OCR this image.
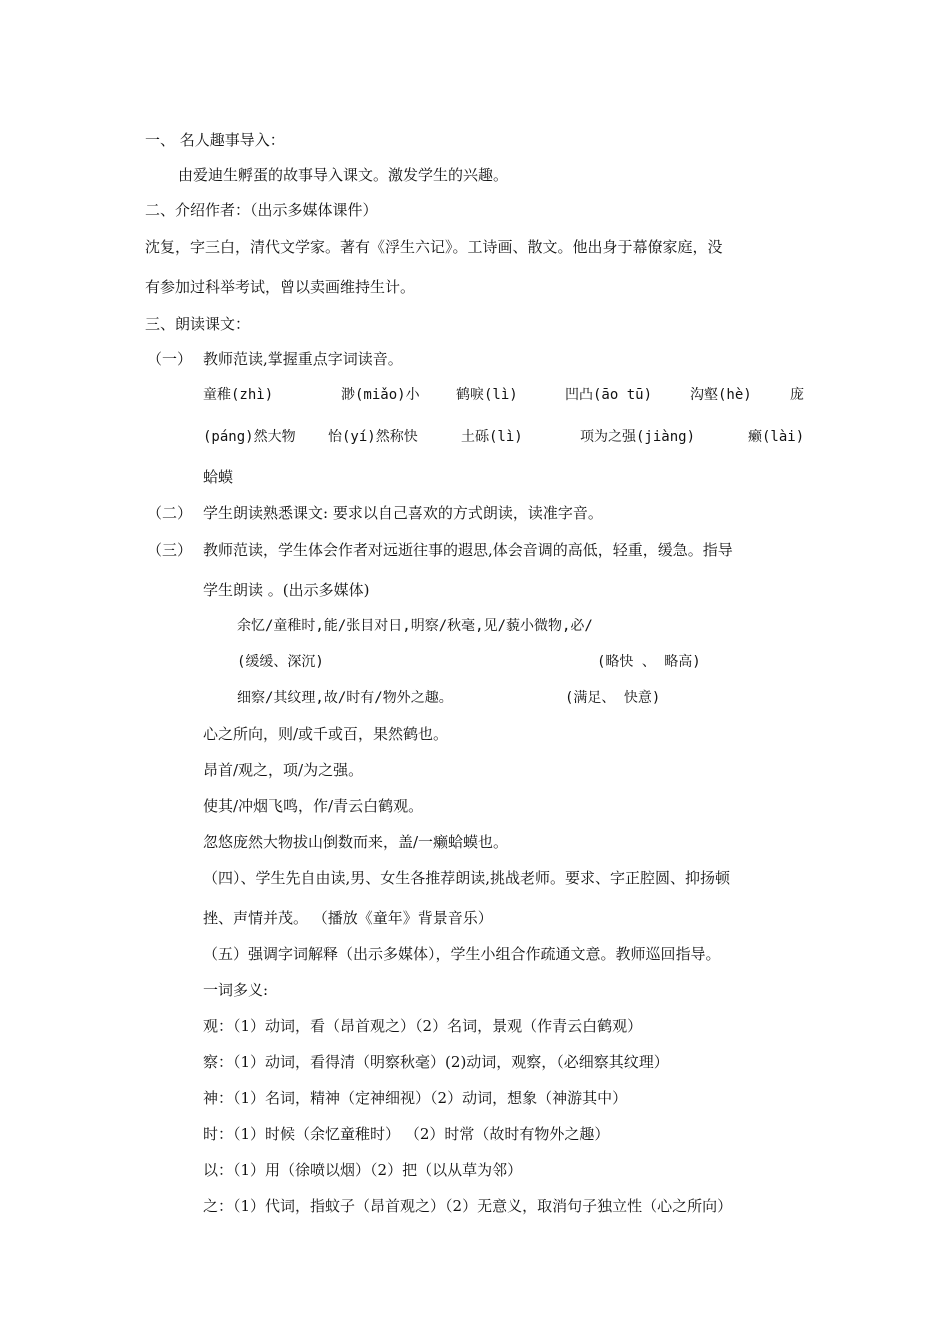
一、 名人趣事导入：
由爱迪生孵蛋的故事导入课文。激发学生的兴趣。
二、介绍作者：（出示多媒体课件）
沈复，字三白，清代文学家。著有《浮生六记》。工诗画、散文。他出身于幕僚家庭，没
有参加过科举考试，曾以卖画维持生计。
三、朗读课文：
（一） 教师范读,掌握重点字词读音。
童稚(zhì)	渺(miǎo)小	鹤唳(lì)	凹凸(āo tū)	沟壑(hè)	庞
(páng)然大物 怡(yí)然称快	土砾(lì)	项为之强(jiàng)	癞(lài)
蛤蟆
（二） 学生朗读熟悉课文: 要求以自己喜欢的方式朗读，读准字音。
（三） 教师范读，学生体会作者对远逝往事的遐思,体会音调的高低，轻重，缓急。指导
学生朗读 。(出示多媒体)
余忆/童稚时,能/张目对日,明察/秋毫,见/藐小微物,必/
(缓缓、深沉)	(略快 、 略高)
细察/其纹理,故/时有/物外之趣。	(满足、 快意)
心之所向，则/或千或百，果然鹤也。
昂首/观之，项/为之强。
使其/冲烟飞鸣，作/青云白鹤观。
忽悠庞然大物拔山倒数而来，盖/一癞蛤蟆也。
（四）、学生先自由读,男、女生各推荐朗读,挑战老师。要求、字正腔圆、抑扬顿
挫、声情并茂。 （播放《童年》背景音乐）
（五）强调字词解释（出示多媒体），学生小组合作疏通文意。教师巡回指导。
一词多义:
观：（1）动词，看（昂首观之）（2）名词，景观（作青云白鹤观）
察：（1）动词，看得清（明察秋毫）(2)动词，观察，（必细察其纹理）
神：（1）名词，精神（定神细视）（2）动词，想象（神游其中）
时：（1）时候（余忆童稚时） （2）时常（故时有物外之趣）
以：（1）用（徐喷以烟）（2）把（以从草为邻）
之：（1）代词，指蚊子（昂首观之）（2）无意义，取消句子独立性（心之所向）
